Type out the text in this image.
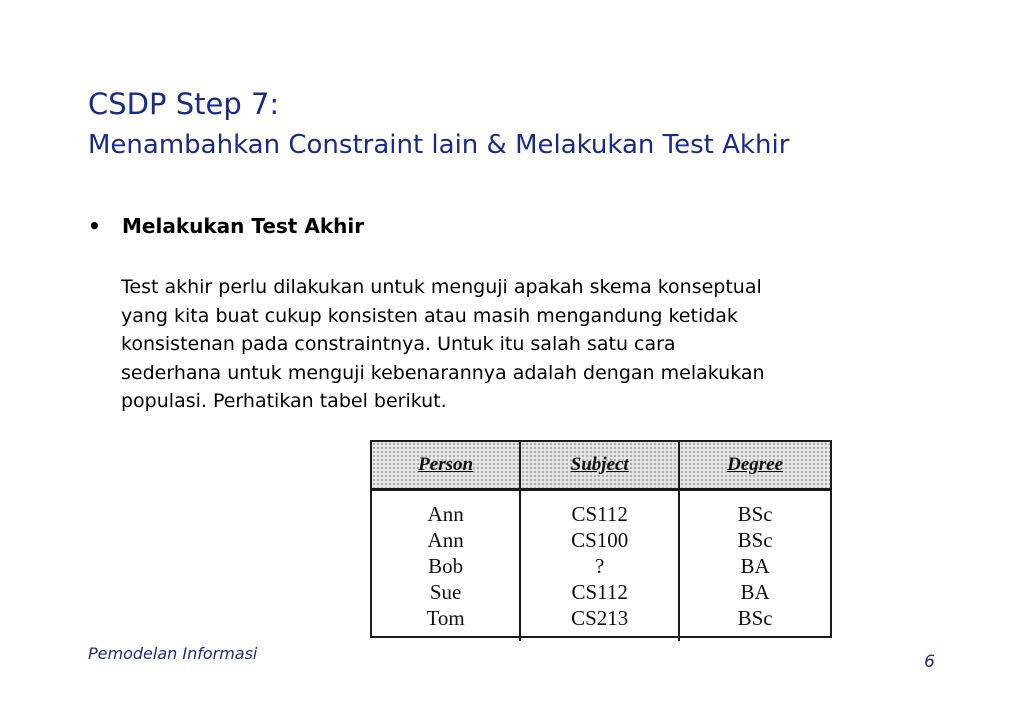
CSDP Step 7:
Menambahkan Constraint lain & Melakukan Test Akhir
•	Melakukan Test Akhir

Test akhir perlu dilakukan untuk menguji apakah skema konseptual
yang kita buat cukup konsisten atau masih mengandung ketidak
konsistenan pada constraintnya. Untuk itu salah satu cara
sederhana untuk menguji kebenarannya adalah dengan melakukan
populasi. Perhatikan tabel berikut.

Person	Subject	Degree
Ann	CS112	BSc
Ann	CS100	BSc
Bob	?	BA
Sue	CS112	BA
Tom	CS213	BSc
Pemodelan Informasi	6
